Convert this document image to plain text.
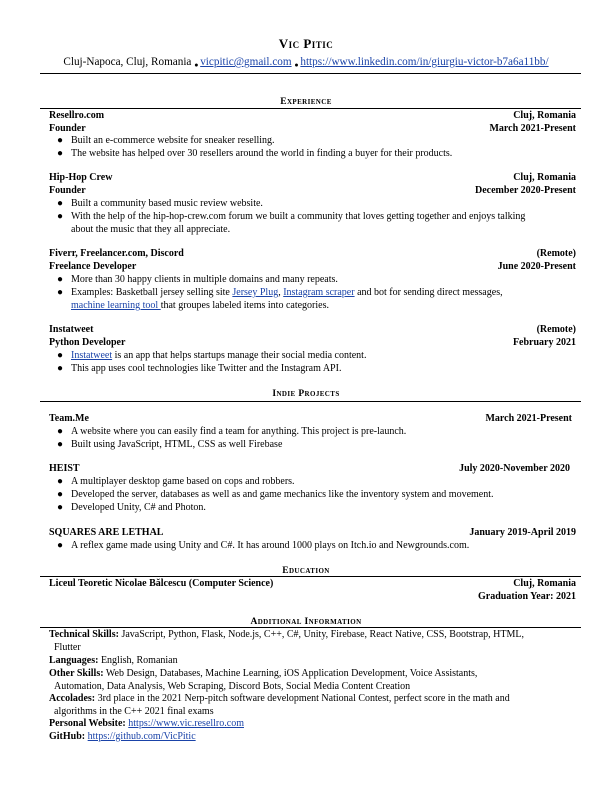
Vic Pitic
Cluj-Napoca, Cluj, Romania ● vicpitic@gmail.com ● https://www.linkedin.com/in/giurgiu-victor-b7a6a11bb/
Experience
Resellro.com	Cluj, Romania
Founder	March 2021-Present
● Built an e-commerce website for sneaker reselling.
● The website has helped over 30 resellers around the world in finding a buyer for their products.
Hip-Hop Crew	Cluj, Romania
Founder	December 2020-Present
● Built a community based music review website.
● With the help of the hip-hop-crew.com forum we built a community that loves getting together and enjoys talking
about the music that they all appreciate.
Fiverr, Freelancer.com, Discord	(Remote)
Freelance Developer	June 2020-Present
● More than 30 happy clients in multiple domains and many repeats.
● Examples: Basketball jersey selling site Jersey Plug, Instagram scraper and bot for sending direct messages,
machine learning tool that groupes labeled items into categories.
Instatweet	(Remote)
Python Developer	February 2021
● Instatweet is an app that helps startups manage their social media content.
● This app uses cool technologies like Twitter and the Instagram API.
Indie Projects
Team.Me	March 2021-Present
● A website where you can easily find a team for anything. This project is pre-launch.
● Built using JavaScript, HTML, CSS as well Firebase
HEIST	July 2020-November 2020
● A multiplayer desktop game based on cops and robbers.
● Developed the server, databases as well as and game mechanics like the inventory system and movement.
● Developed Unity, C# and Photon.
SQUARES ARE LETHAL	January 2019-April 2019
● A reflex game made using Unity and C#. It has around 1000 plays on Itch.io and Newgrounds.com.
Education
Liceul Teoretic Nicolae Bălcescu (Computer Science)	Cluj, Romania
Graduation Year: 2021
Additional Information
Technical Skills: JavaScript, Python, Flask, Node.js, C++, C#, Unity, Firebase, React Native, CSS, Bootstrap, HTML,
Flutter
Languages: English, Romanian
Other Skills: Web Design, Databases, Machine Learning, iOS Application Development, Voice Assistants,
Automation, Data Analysis, Web Scraping, Discord Bots, Social Media Content Creation
Accolades: 3rd place in the 2021 Nerp-pitch software development National Contest, perfect score in the math and
algorithms in the C++ 2021 final exams
Personal Website: https://www.vic.resellro.com
GitHub: https://github.com/VicPitic
